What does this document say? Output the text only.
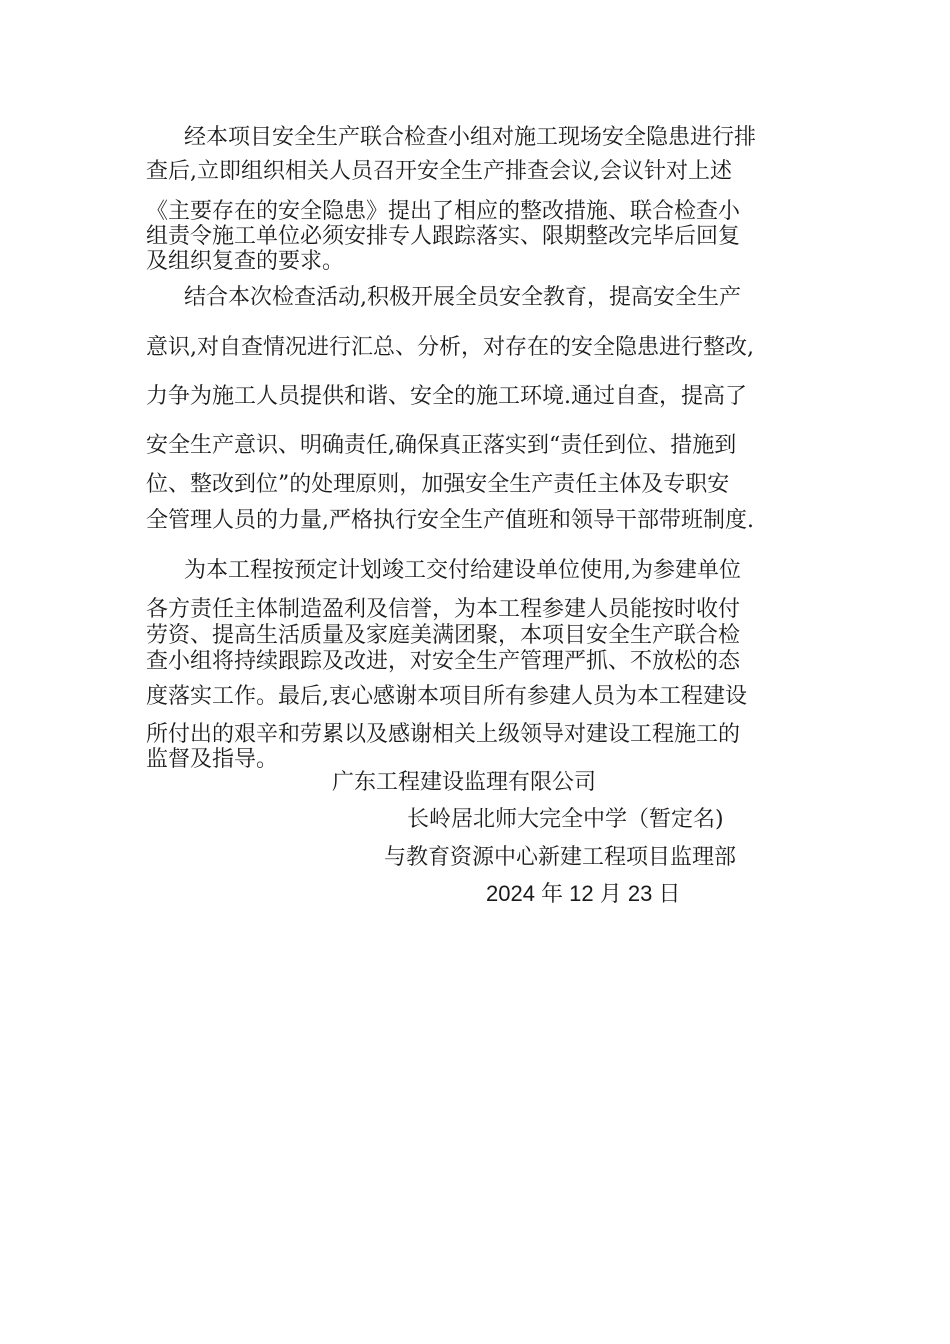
经本项目安全生产联合检查小组对施工现场安全隐患进行排
查后,立即组织相关人员召开安全生产排查会议,会议针对上述
《主要存在的安全隐患》提出了相应的整改措施、联合检查小
组责令施工单位必须安排专人跟踪落实、限期整改完毕后回复
及组织复查的要求。
结合本次检查活动,积极开展全员安全教育，提高安全生产
意识,对自查情况进行汇总、分析，对存在的安全隐患进行整改,
力争为施工人员提供和谐、安全的施工环境.通过自查，提高了
安全生产意识、明确责任,确保真正落实到“责任到位、措施到
位、整改到位”的处理原则，加强安全生产责任主体及专职安
全管理人员的力量,严格执行安全生产值班和领导干部带班制度.
为本工程按预定计划竣工交付给建设单位使用,为参建单位
各方责任主体制造盈利及信誉，为本工程参建人员能按时收付
劳资、提高生活质量及家庭美满团聚，本项目安全生产联合检
查小组将持续跟踪及改进，对安全生产管理严抓、不放松的态
度落实工作。最后,衷心感谢本项目所有参建人员为本工程建设
所付出的艰辛和劳累以及感谢相关上级领导对建设工程施工的
监督及指导。
广东工程建设监理有限公司
长岭居北师大完全中学（暂定名)
与教育资源中心新建工程项目监理部
2024 年 12 月 23 日
